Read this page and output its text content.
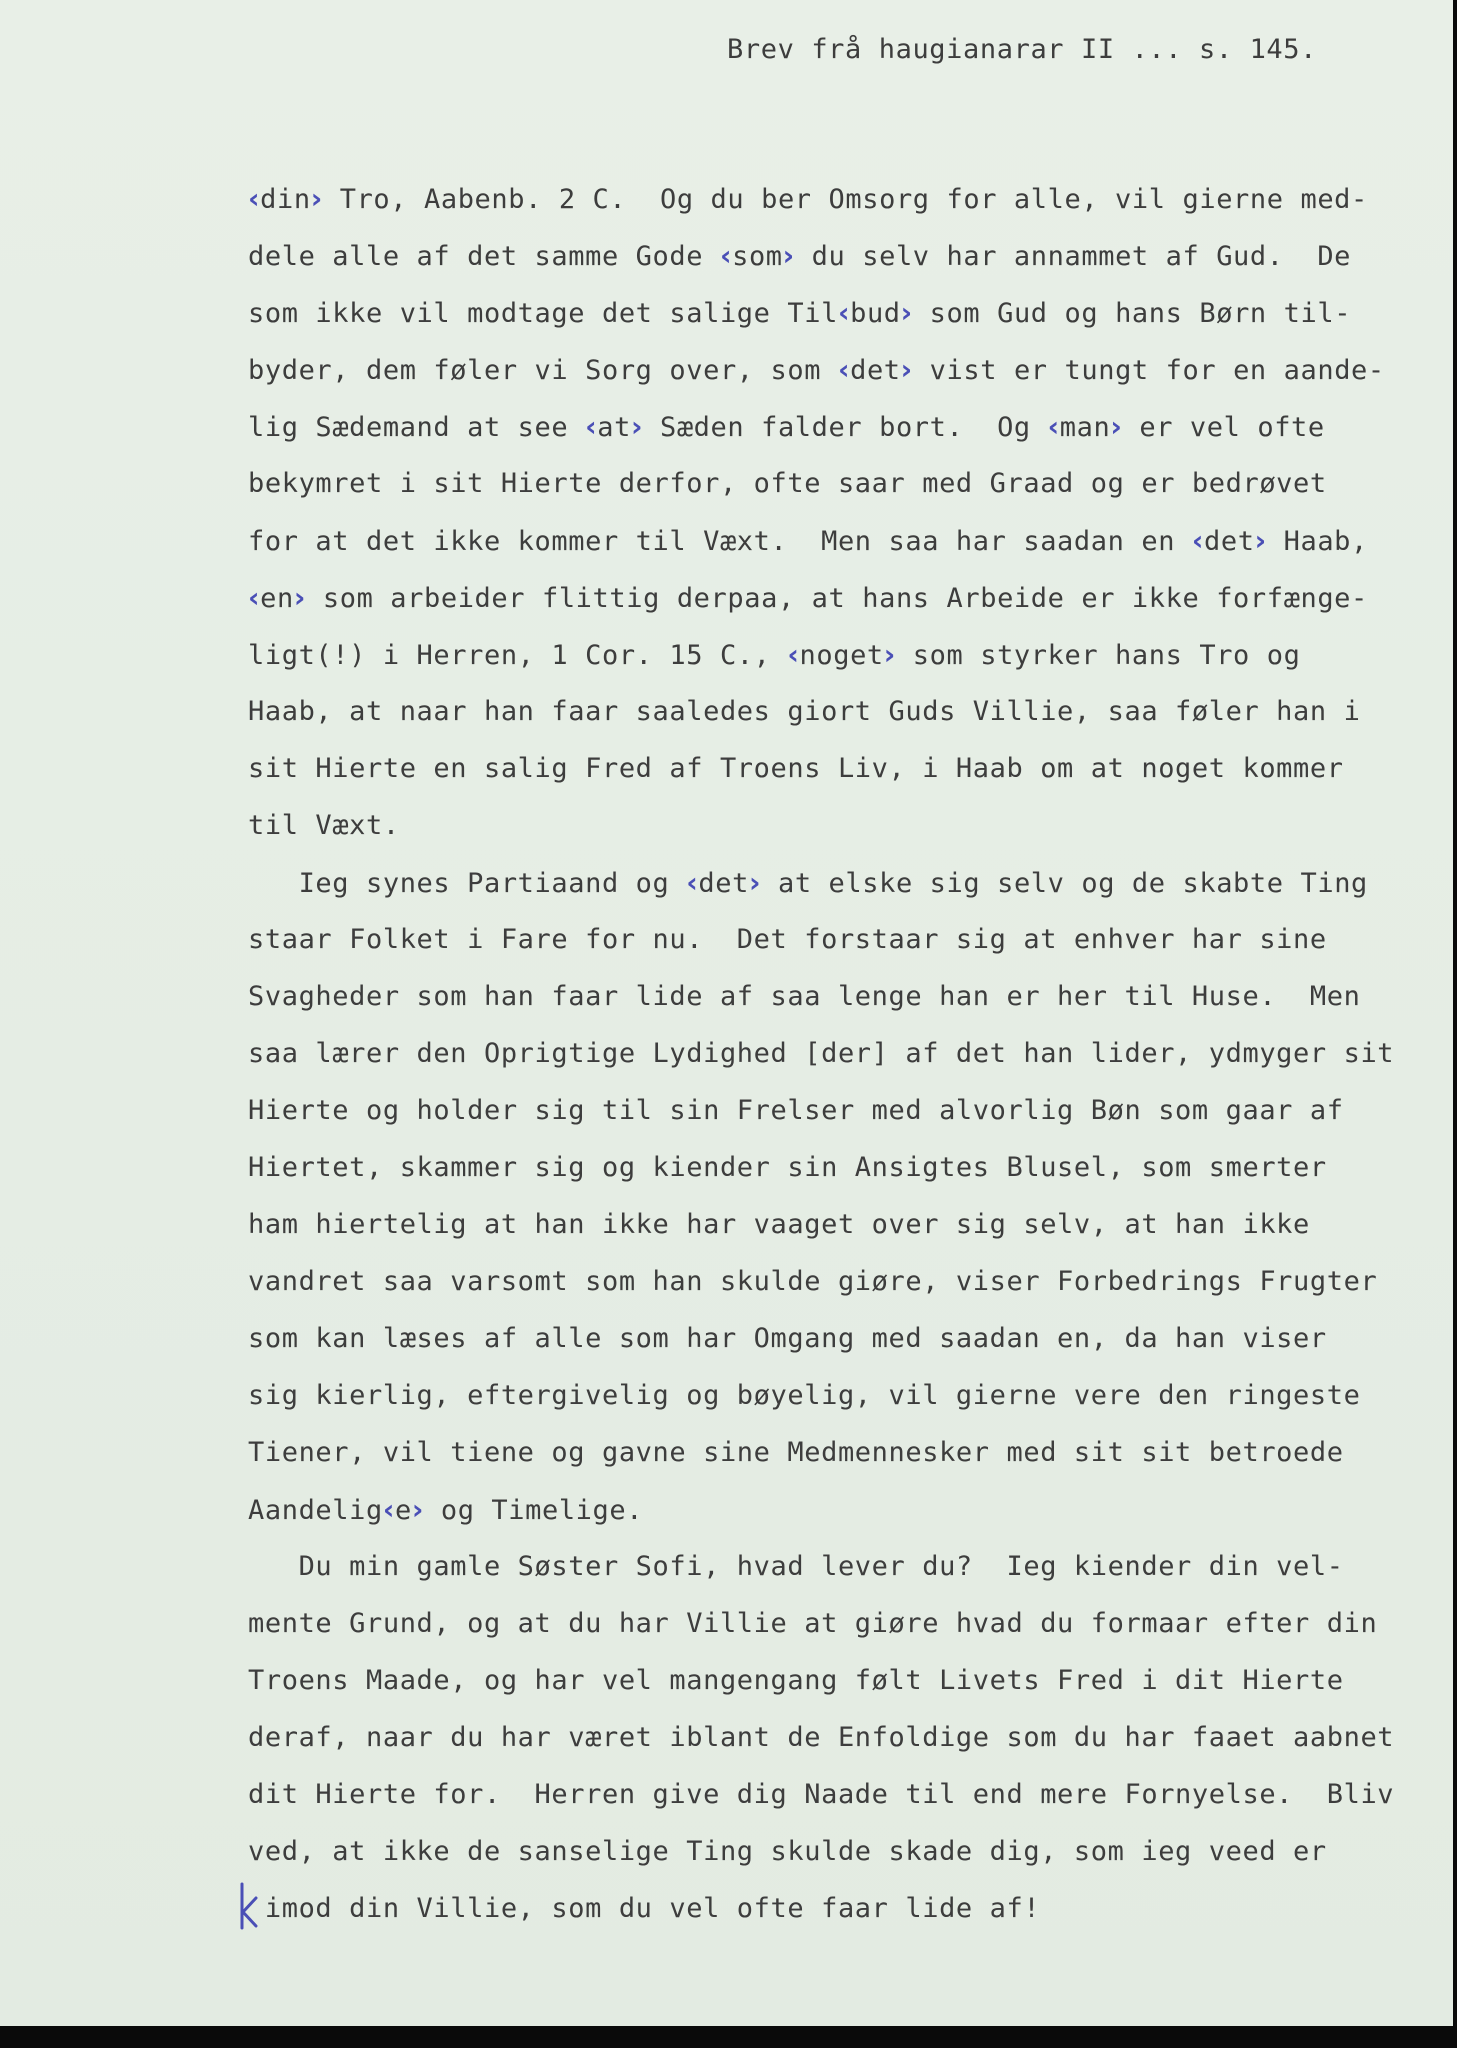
Brev frå haugianarar II ... s. 145.
‹din› Tro, Aabenb. 2 C.  Og du ber Omsorg for alle, vil gierne med-
dele alle af det samme Gode ‹som› du selv har annammet af Gud.  De
som ikke vil modtage det salige Til‹bud› som Gud og hans Børn til-
byder, dem føler vi Sorg over, som ‹det› vist er tungt for en aande-
lig Sædemand at see ‹at› Sæden falder bort.  Og ‹man› er vel ofte
bekymret i sit Hierte derfor, ofte saar med Graad og er bedrøvet
for at det ikke kommer til Væxt.  Men saa har saadan en ‹det› Haab,
‹en› som arbeider flittig derpaa, at hans Arbeide er ikke forfænge-
ligt(!) i Herren, 1 Cor. 15 C., ‹noget› som styrker hans Tro og
Haab, at naar han faar saaledes giort Guds Villie, saa føler han i
sit Hierte en salig Fred af Troens Liv, i Haab om at noget kommer
til Væxt.
Ieg synes Partiaand og ‹det› at elske sig selv og de skabte Ting
staar Folket i Fare for nu.  Det forstaar sig at enhver har sine
Svagheder som han faar lide af saa lenge han er her til Huse.  Men
saa lærer den Oprigtige Lydighed [der] af det han lider, ydmyger sit
Hierte og holder sig til sin Frelser med alvorlig Bøn som gaar af
Hiertet, skammer sig og kiender sin Ansigtes Blusel, som smerter
ham hiertelig at han ikke har vaaget over sig selv, at han ikke
vandret saa varsomt som han skulde giøre, viser Forbedrings Frugter
som kan læses af alle som har Omgang med saadan en, da han viser
sig kierlig, eftergivelig og bøyelig, vil gierne vere den ringeste
Tiener, vil tiene og gavne sine Medmennesker med sit sit betroede
Aandelig‹e› og Timelige.
Du min gamle Søster Sofi, hvad lever du?  Ieg kiender din vel-
mente Grund, og at du har Villie at giøre hvad du formaar efter din
Troens Maade, og har vel mangengang følt Livets Fred i dit Hierte
deraf, naar du har været iblant de Enfoldige som du har faaet aabnet
dit Hierte for.  Herren give dig Naade til end mere Fornyelse.  Bliv
ved, at ikke de sanselige Ting skulde skade dig, som ieg veed er
imod din Villie, som du vel ofte faar lide af!
